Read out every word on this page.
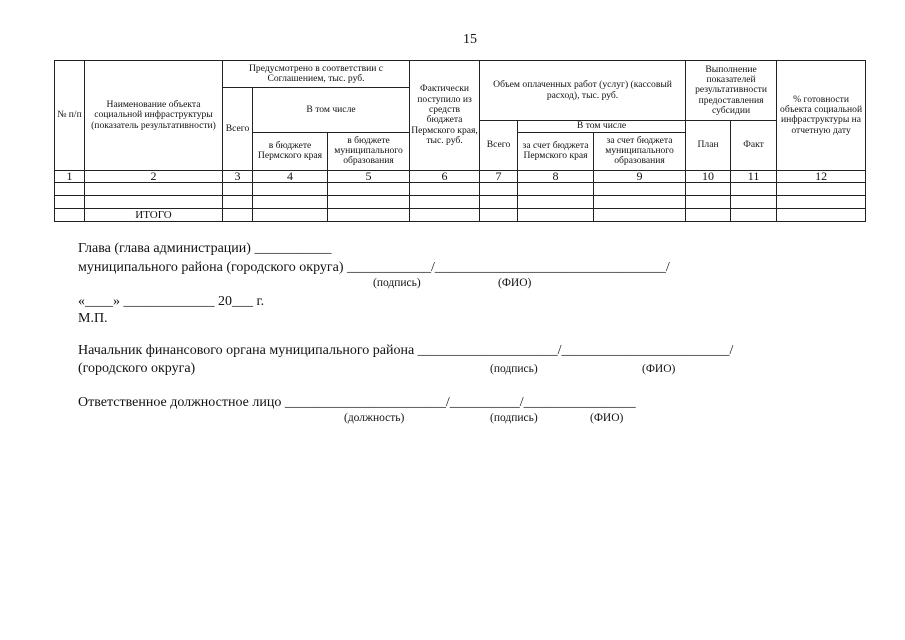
15
№ п/п	Наименование объекта социальной инфраструктуры (показатель результативности)	Предусмотрено в соответствии с Соглашением, тыс. руб.			Фактически поступило из средств бюджета Пермского края, тыс. руб.	Объем оплаченных работ (услуг) (кассовый расход), тыс. руб.			Выполнение показателей результативности предоставления субсидии		% готовности объекта социальной инфраструктуры на отчетную дату
		Всего	В том числе								
						Всего	В том числе		План	Факт	
			в бюджете Пермского края	в бюджете муниципального образования			за счет бюджета Пермского края	за счет бюджета муниципального образования			
1	2	3	4	5	6	7	8	9	10	11	12

	ИТОГО										
Глава (глава администрации) ___________
муниципального района (городского округа) ____________/_________________________________/
(подпись)	(ФИО)
«____» _____________ 20___ г.
М.П.
Начальник финансового органа муниципального района ____________________/________________________/
(городского округа)	(подпись)	(ФИО)
Ответственное должностное лицо _______________________/__________/________________
(должность)	(подпись)	(ФИО)
